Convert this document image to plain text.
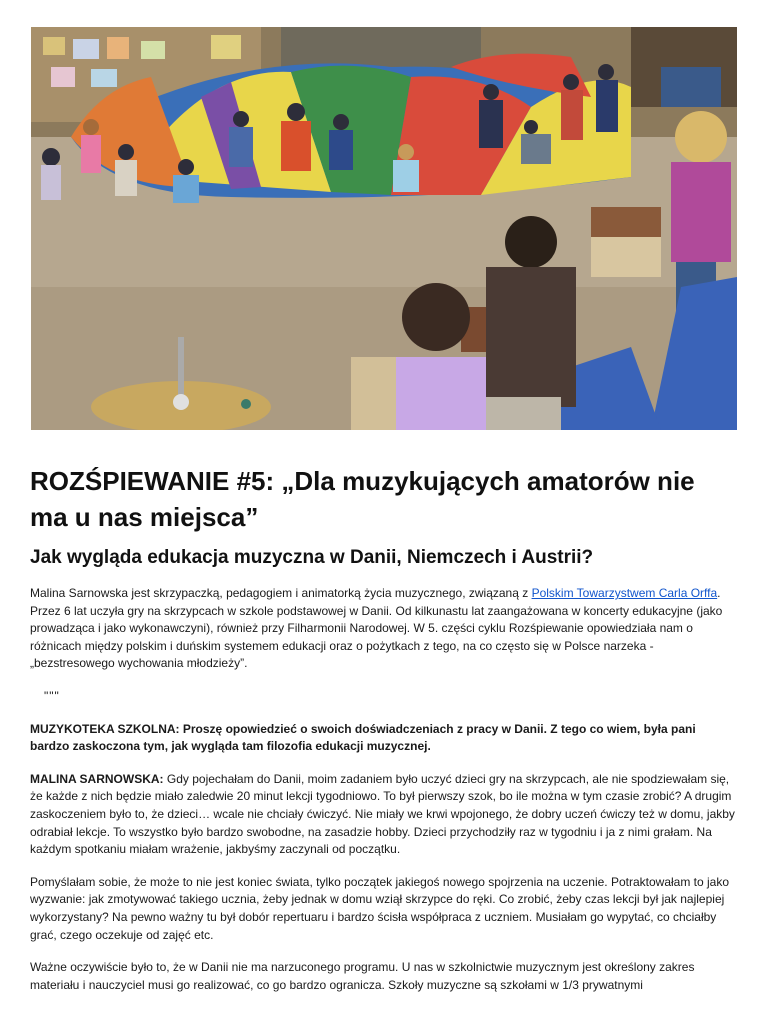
ROZŚPIEWANIE #5: „Dla muzykujących amatorów nie ma u nas miejsca”
Jak wygląda edukacja muzyczna w Danii, Niemczech i Austrii?

Malina Sarnowska jest skrzypaczką, pedagogiem i animatorką życia muzycznego, związaną z Polskim Towarzystwem Carla Orffa. Przez 6 lat uczyła gry na skrzypcach w szkole podstawowej w Danii. Od kilkunastu lat zaangażowana w koncerty edukacyjne (jako prowadząca i jako wykonawczyni), również przy Filharmonii Narodowej. W 5. części cyklu Rozśpiewanie opowiedziała nam o różnicach między polskim i duńskim systemem edukacji oraz o pożytkach z tego, na co często się w Polsce narzeka - „bezstresowego wychowania młodzieży”.

"""

MUZYKOTEKA SZKOLNA: Proszę opowiedzieć o swoich doświadczeniach z pracy w Danii. Z tego co wiem, była pani bardzo zaskoczona tym, jak wygląda tam filozofia edukacji muzycznej.

MALINA SARNOWSKA: Gdy pojechałam do Danii, moim zadaniem było uczyć dzieci gry na skrzypcach, ale nie spodziewałam się, że każde z nich będzie miało zaledwie 20 minut lekcji tygodniowo. To był pierwszy szok, bo ile można w tym czasie zrobić? A drugim zaskoczeniem było to, że dzieci… wcale nie chciały ćwiczyć. Nie miały we krwi wpojonego, że dobry uczeń ćwiczy też w domu, jakby odrabiał lekcje. To wszystko było bardzo swobodne, na zasadzie hobby. Dzieci przychodziły raz w tygodniu i ja z nimi grałam. Na każdym spotkaniu miałam wrażenie, jakbyśmy zaczynali od początku.

Pomyślałam sobie, że może to nie jest koniec świata, tylko początek jakiegoś nowego spojrzenia na uczenie. Potraktowałam to jako wyzwanie: jak zmotywować takiego ucznia, żeby jednak w domu wziął skrzypce do ręki. Co zrobić, żeby czas lekcji był jak najlepiej wykorzystany? Na pewno ważny tu był dobór repertuaru i bardzo ścisła współpraca z uczniem. Musiałam go wypytać, co chciałby grać, czego oczekuje od zajęć etc.

Ważne oczywiście było to, że w Danii nie ma narzuconego programu. U nas w szkolnictwie muzycznym jest określony zakres materiału i nauczyciel musi go realizować, co go bardzo ogranicza. Szkoły muzyczne są szkołami w 1/3 prywatnymi
